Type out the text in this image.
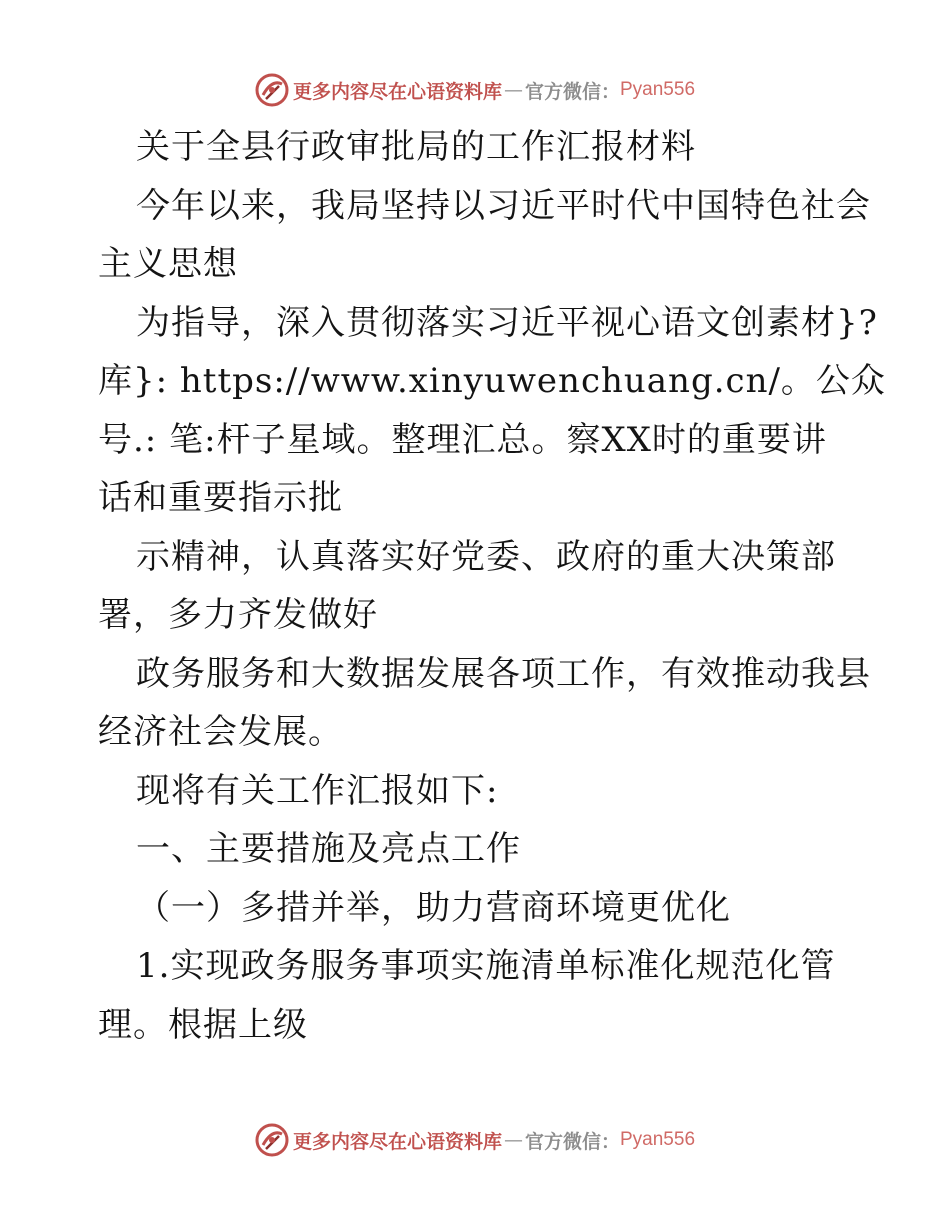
更多内容尽在心语资料库 — 官方微信： Pyan556

关于全县行政审批局的工作汇报材料

今年以来，我局坚持以习近平时代中国特色社会

主义思想

为指导，深入贯彻落实习近平视心语文创素材}?

库}: https://www.xinyuwenchuang.cn/。公众

号.: 笔:杆子星域。整理汇总。察XX时的重要讲

话和重要指示批

示精神，认真落实好党委、政府的重大决策部

署，多力齐发做好

政务服务和大数据发展各项工作，有效推动我县

经济社会发展。

现将有关工作汇报如下:

一、主要措施及亮点工作

（一）多措并举，助力营商环境更优化

1.实现政务服务事项实施清单标准化规范化管

理。根据上级

更多内容尽在心语资料库 — 官方微信： Pyan556
